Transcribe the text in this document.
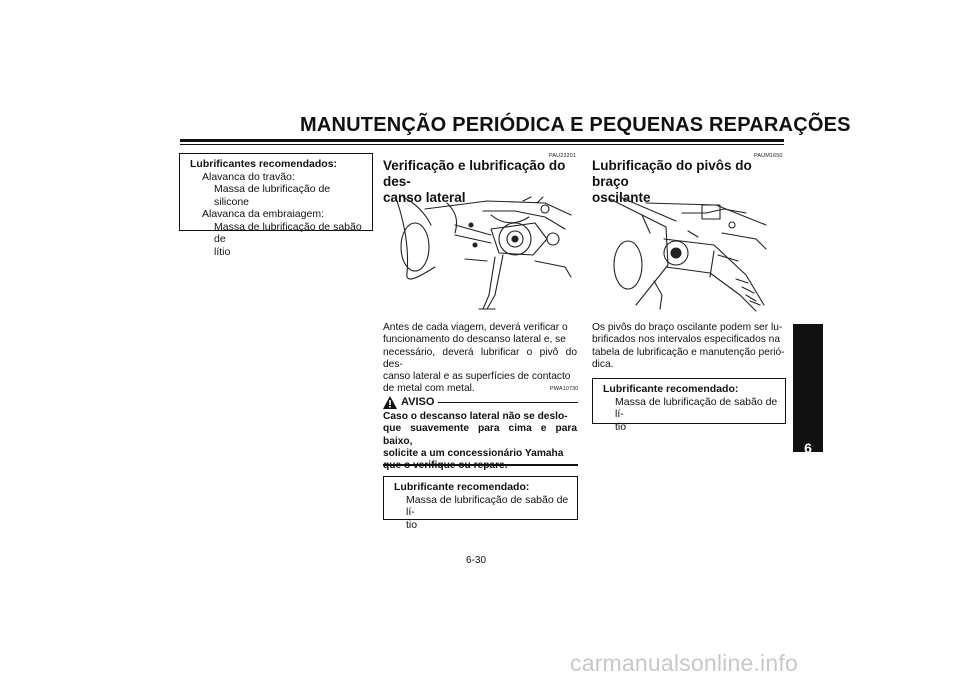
MANUTENÇÃO PERIÓDICA E PEQUENAS REPARAÇÕES
6
Lubrificantes recomendados:
Alavanca do travão:
Massa de lubrificação de silicone
Alavanca da embraiagem:
Massa de lubrificação de sabão de
lítio
PAU23201
Verificação e lubrificação do des-
canso lateral
Antes de cada viagem, deverá verificar o
funcionamento do descanso lateral e, se
necessário, deverá lubrificar o pivô do des-
canso lateral e as superfícies de contacto
de metal com metal.	PWA10730
AVISO
Caso o descanso lateral não se deslo-
que suavemente para cima e para baixo,
solicite a um concessionário Yamaha
Lubrificante recomendado:
Massa de lubrificação de sabão de lí-
tio
PAUM1650
Lubrificação do pivôs do braço
oscilante
Os pivôs do braço oscilante podem ser lu-
brificados nos intervalos especificados na
tabela de lubrificação e manutenção perió-
dica.
Lubrificante recomendado:
Massa de lubrificação de sabão de lí-
tio
6-30
carmanualsonline.info
